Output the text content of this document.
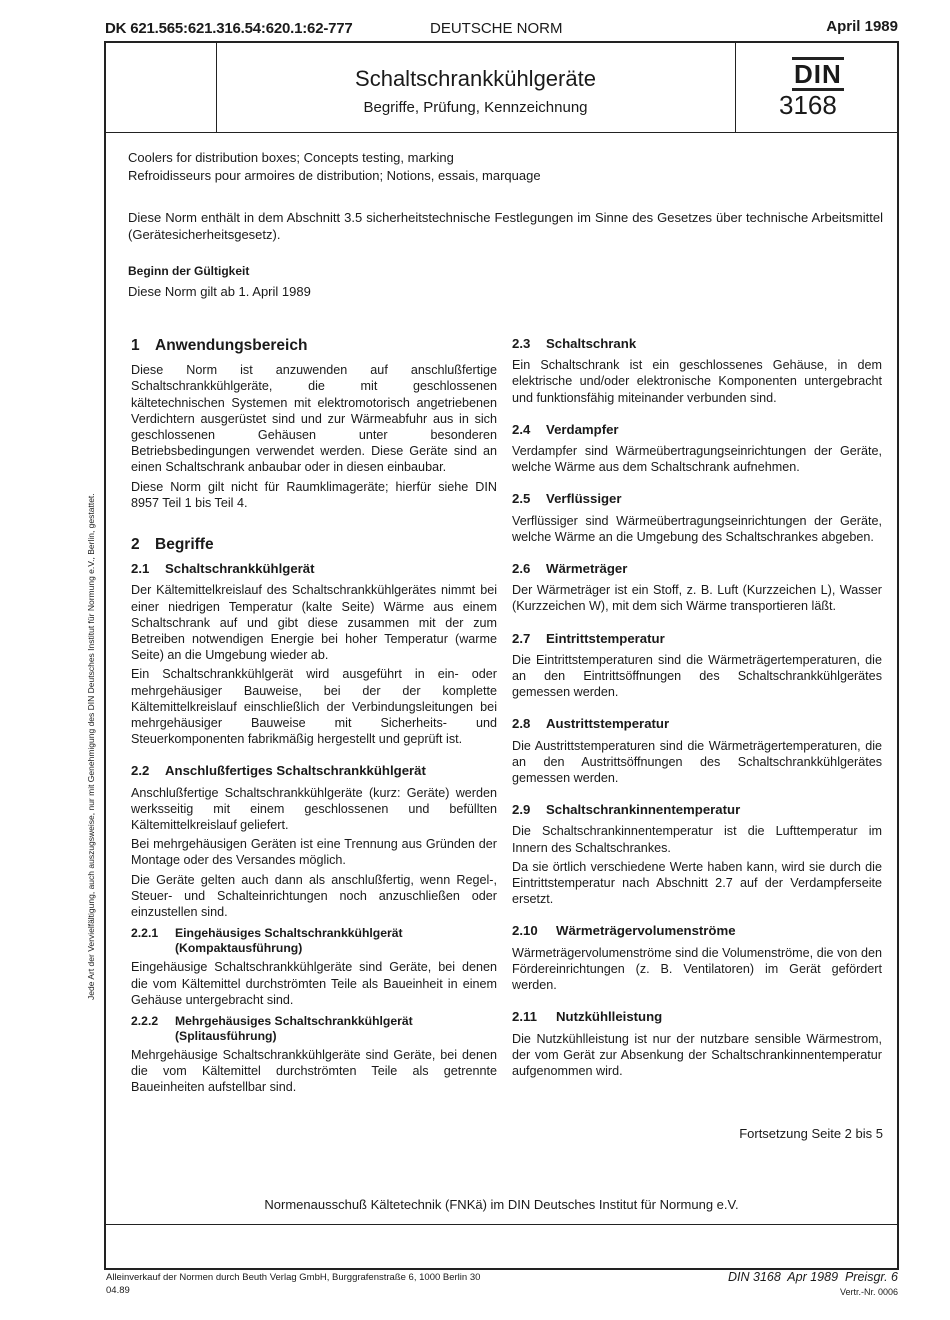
DK 621.565:621.316.54:620.1:62-777	DEUTSCHE NORM	April 1989
Schaltschrankkühlgeräte
Begriffe, Prüfung, Kennzeichnung
DIN
3168
Coolers for distribution boxes; Concepts testing, marking
Refroidisseurs pour armoires de distribution; Notions, essais, marquage
Diese Norm enthält in dem Abschnitt 3.5 sicherheitstechnische Festlegungen im Sinne des Gesetzes über technische Arbeitsmittel (Gerätesicherheitsgesetz).
Beginn der Gültigkeit
Diese Norm gilt ab 1. April 1989
Jede Art der Vervielfältigung, auch auszugsweise, nur mit Genehmigung des DIN Deutsches Institut für Normung e.V., Berlin, gestattet.
1 Anwendungsbereich

Diese Norm ist anzuwenden auf anschlußfertige Schaltschrankkühlgeräte, die mit geschlossenen kältetechnischen Systemen mit elektromotorisch angetriebenen Verdichtern ausgerüstet sind und zur Wärmeabfuhr aus in sich geschlossenen Gehäusen unter besonderen Betriebsbedingungen verwendet werden. Diese Geräte sind an einen Schaltschrank anbaubar oder in diesen einbaubar.

Diese Norm gilt nicht für Raumklimageräte; hierfür siehe DIN 8957 Teil 1 bis Teil 4.

2 Begriffe
2.1 Schaltschrankkühlgerät

Der Kältemittelkreislauf des Schaltschrankkühlgerätes nimmt bei einer niedrigen Temperatur (kalte Seite) Wärme aus einem Schaltschrank auf und gibt diese zusammen mit der zum Betreiben notwendigen Energie bei hoher Temperatur (warme Seite) an die Umgebung wieder ab.

Ein Schaltschrankkühlgerät wird ausgeführt in ein- oder mehrgehäusiger Bauweise, bei der der komplette Kältemittelkreislauf einschließlich der Verbindungsleitungen bei mehrgehäusiger Bauweise mit Sicherheits- und Steuerkomponenten fabrikmäßig hergestellt und geprüft ist.

2.2 Anschlußfertiges Schaltschrankkühlgerät

Anschlußfertige Schaltschrankkühlgeräte (kurz: Geräte) werden werksseitig mit einem geschlossenen und befüllten Kältemittelkreislauf geliefert.

Bei mehrgehäusigen Geräten ist eine Trennung aus Gründen der Montage oder des Versandes möglich.

Die Geräte gelten auch dann als anschlußfertig, wenn Regel-, Steuer- und Schalteinrichtungen noch anzuschließen oder einzustellen sind.

2.2.1	Eingehäusiges Schaltschrankkühlgerät (Kompaktausführung)

Eingehäusige Schaltschrankkühlgeräte sind Geräte, bei denen die vom Kältemittel durchströmten Teile als Baueinheit in einem Gehäuse untergebracht sind.

2.2.2	Mehrgehäusiges Schaltschrankkühlgerät (Splitausführung)

Mehrgehäusige Schaltschrankkühlgeräte sind Geräte, bei denen die vom Kältemittel durchströmten Teile als getrennte Baueinheiten aufstellbar sind.

2.3 Schaltschrank

Ein Schaltschrank ist ein geschlossenes Gehäuse, in dem elektrische und/oder elektronische Komponenten untergebracht und funktionsfähig miteinander verbunden sind.

2.4 Verdampfer

Verdampfer sind Wärmeübertragungseinrichtungen der Geräte, welche Wärme aus dem Schaltschrank aufnehmen.

2.5 Verflüssiger

Verflüssiger sind Wärmeübertragungseinrichtungen der Geräte, welche Wärme an die Umgebung des Schaltschrankes abgeben.

2.6 Wärmeträger

Der Wärmeträger ist ein Stoff, z. B. Luft (Kurzzeichen L), Wasser (Kurzzeichen W), mit dem sich Wärme transportieren läßt.

2.7 Eintrittstemperatur

Die Eintrittstemperaturen sind die Wärmeträgertemperaturen, die an den Eintrittsöffnungen des Schaltschrankkühlgerätes gemessen werden.

2.8 Austrittstemperatur

Die Austrittstemperaturen sind die Wärmeträgertemperaturen, die an den Austrittsöffnungen des Schaltschrankkühlgerätes gemessen werden.

2.9 Schaltschrankinnentemperatur

Die Schaltschrankinnentemperatur ist die Lufttemperatur im Innern des Schaltschrankes.

Da sie örtlich verschiedene Werte haben kann, wird sie durch die Eintrittstemperatur nach Abschnitt 2.7 auf der Verdampferseite ersetzt.

2.10 Wärmeträgervolumenströme

Wärmeträgervolumenströme sind die Volumenströme, die von den Fördereinrichtungen (z. B. Ventilatoren) im Gerät gefördert werden.

2.11 Nutzkühlleistung

Die Nutzkühlleistung ist nur der nutzbare sensible Wärmestrom, der vom Gerät zur Absenkung der Schaltschrankinnentemperatur aufgenommen wird.

Fortsetzung Seite 2 bis 5
Normenausschuß Kältetechnik (FNKä) im DIN Deutsches Institut für Normung e.V.
Alleinverkauf der Normen durch Beuth Verlag GmbH, Burggrafenstraße 6, 1000 Berlin 30
04.89
DIN 3168  Apr 1989  Preisgr. 6
Vertr.-Nr. 0006
